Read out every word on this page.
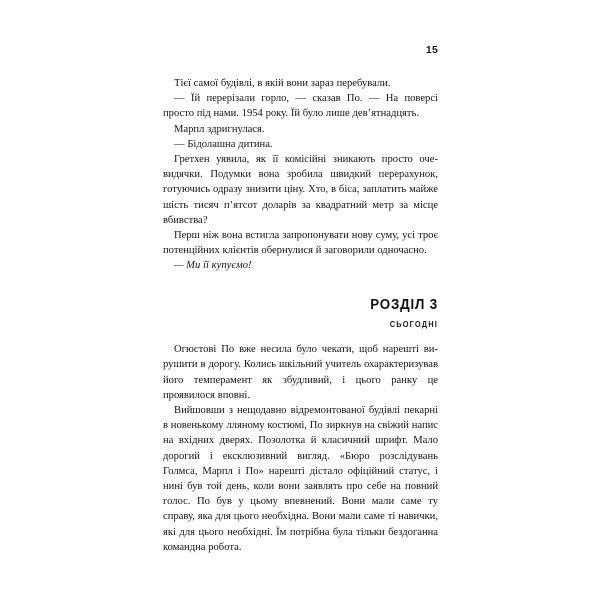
15

Тієї самої будівлі, в якій вони зараз перебували.

— Їй перерізали горло, — сказав По. — На поверсі просто під нами. 1954 року. Їй було лише дев’ятнадцять.

Марпл здригнулася.

— Бідолашна дитина.

Гретхен уявила, як її комісійні зникають просто очевидячки. Подумки вона зробила швидкий перерахунок, готуючись одразу знизити ціну. Хто, в біса, заплатить майже шість тисяч п’ятсот доларів за квадратний метр за місце вбивства?

Перш ніж вона встигла запропонувати нову суму, усі троє потенційних клієнтів обернулися й заговорили одночасно.

— Ми її купуємо!

РОЗДІЛ 3
СЬОГОДНІ

Огюстові По вже несила було чекати, щоб нарешті вирушити в дорогу. Колись шкільний учитель охарактеризував його темперамент як збудливий, і цього ранку це проявилося вповні.

Вийшовши з нещодавно відремонтованої будівлі пекарні в новенькому лляному костюмі, По зиркнув на свіжий напис на вхідних дверях. Позолотка й класичний шрифт. Мало дорогий і ексклюзивний вигляд. «Бюро розслідувань Голмса, Марпл і По» нарешті дістало офіційний статус, і нині був той день, коли вони заявлять про себе на повний голос. По був у цьому впевнений. Вони мали саме ту справу, яка для цього необхідна. Вони мали саме ті навички, які для цього необхідні. Їм потрібна була тільки бездоганна командна робота.
